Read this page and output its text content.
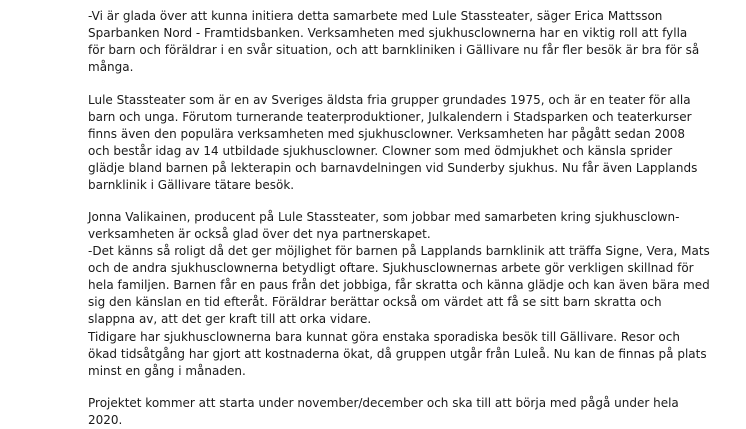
-Vi är glada över att kunna initiera detta samarbete med Lule Stassteater, säger Erica Mattsson
Sparbanken Nord - Framtidsbanken. Verksamheten med sjukhusclownerna har en viktig roll att fylla
för barn och föräldrar i en svår situation, och att barnkliniken i Gällivare nu får fler besök är bra för så
många.

Lule Stassteater som är en av Sveriges äldsta fria grupper grundades 1975, och är en teater för alla
barn och unga. Förutom turnerande teaterproduktioner, Julkalendern i Stadsparken och teaterkurser
finns även den populära verksamheten med sjukhusclowner. Verksamheten har pågått sedan 2008
och består idag av 14 utbildade sjukhusclowner. Clowner som med ödmjukhet och känsla sprider
glädje bland barnen på lekterapin och barnavdelningen vid Sunderby sjukhus. Nu får även Lapplands
barnklinik i Gällivare tätare besök.

Jonna Valikainen, producent på Lule Stassteater, som jobbar med samarbeten kring sjukhusclown-
verksamheten är också glad över det nya partnerskapet.
-Det känns så roligt då det ger möjlighet för barnen på Lapplands barnklinik att träffa Signe, Vera, Mats
och de andra sjukhusclownerna betydligt oftare. Sjukhusclownernas arbete gör verkligen skillnad för
hela familjen. Barnen får en paus från det jobbiga, får skratta och känna glädje och kan även bära med
sig den känslan en tid efteråt. Föräldrar berättar också om värdet att få se sitt barn skratta och
slappna av, att det ger kraft till att orka vidare.

Tidigare har sjukhusclownerna bara kunnat göra enstaka sporadiska besök till Gällivare. Resor och
ökad tidsåtgång har gjort att kostnaderna ökat, då gruppen utgår från Luleå. Nu kan de finnas på plats
minst en gång i månaden.

Projektet kommer att starta under november/december och ska till att börja med pågå under hela
2020.
